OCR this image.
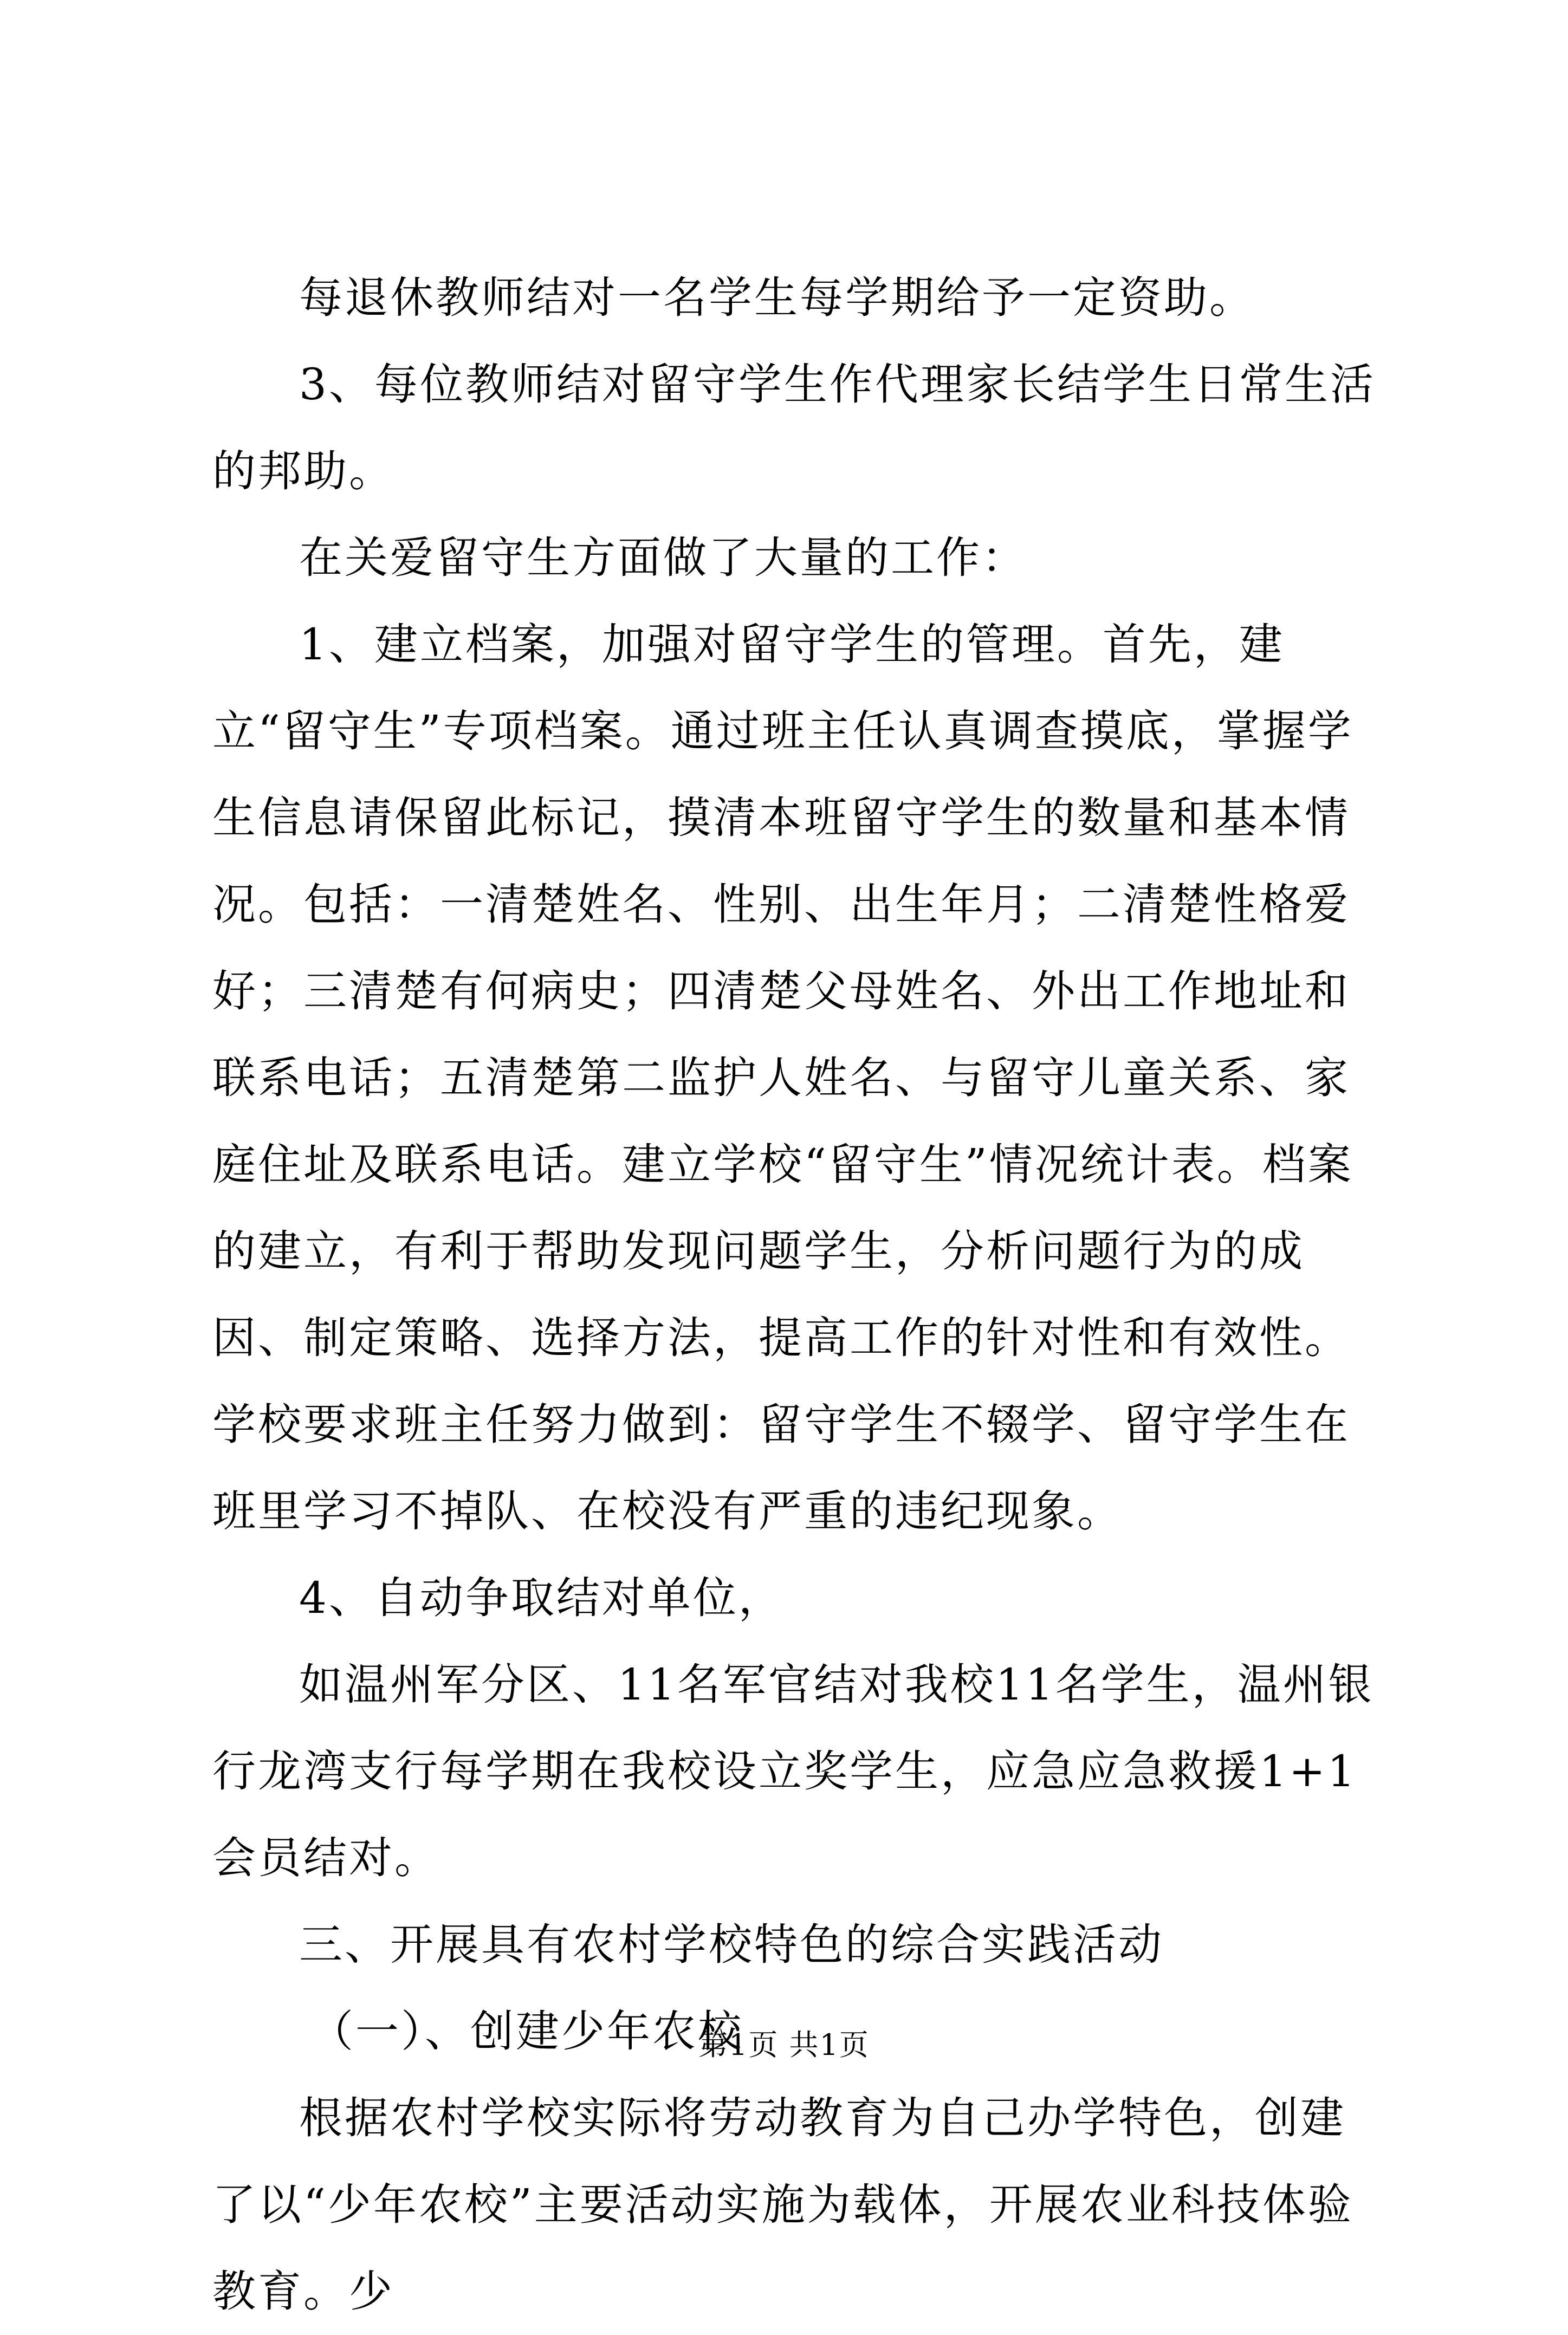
每退休教师结对一名学生每学期给予一定资助。

3、每位教师结对留守学生作代理家长结学生日常生活的邦助。

在关爱留守生方面做了大量的工作：

1、建立档案，加强对留守学生的管理。首先，建立“留守生”专项档案。通过班主任认真调查摸底，掌握学生信息请保留此标记，摸清本班留守学生的数量和基本情况。包括：一清楚姓名、性别、出生年月；二清楚性格爱好；三清楚有何病史；四清楚父母姓名、外出工作地址和联系电话；五清楚第二监护人姓名、与留守儿童关系、家庭住址及联系电话。建立学校“留守生”情况统计表。档案的建立，有利于帮助发现问题学生，分析问题行为的成因、制定策略、选择方法，提高工作的针对性和有效性。学校要求班主任努力做到：留守学生不辍学、留守学生在班里学习不掉队、在校没有严重的违纪现象。

4、自动争取结对单位，

如温州军分区、11名军官结对我校11名学生，温州银行龙湾支行每学期在我校设立奖学生，应急应急救援1+1会员结对。

三、开展具有农村学校特色的综合实践活动

（一）、创建少年农校

根据农村学校实际将劳动教育为自己办学特色，创建了以“少年农校”主要活动实施为载体，开展农业科技体验教育。少

第1页 共1页
